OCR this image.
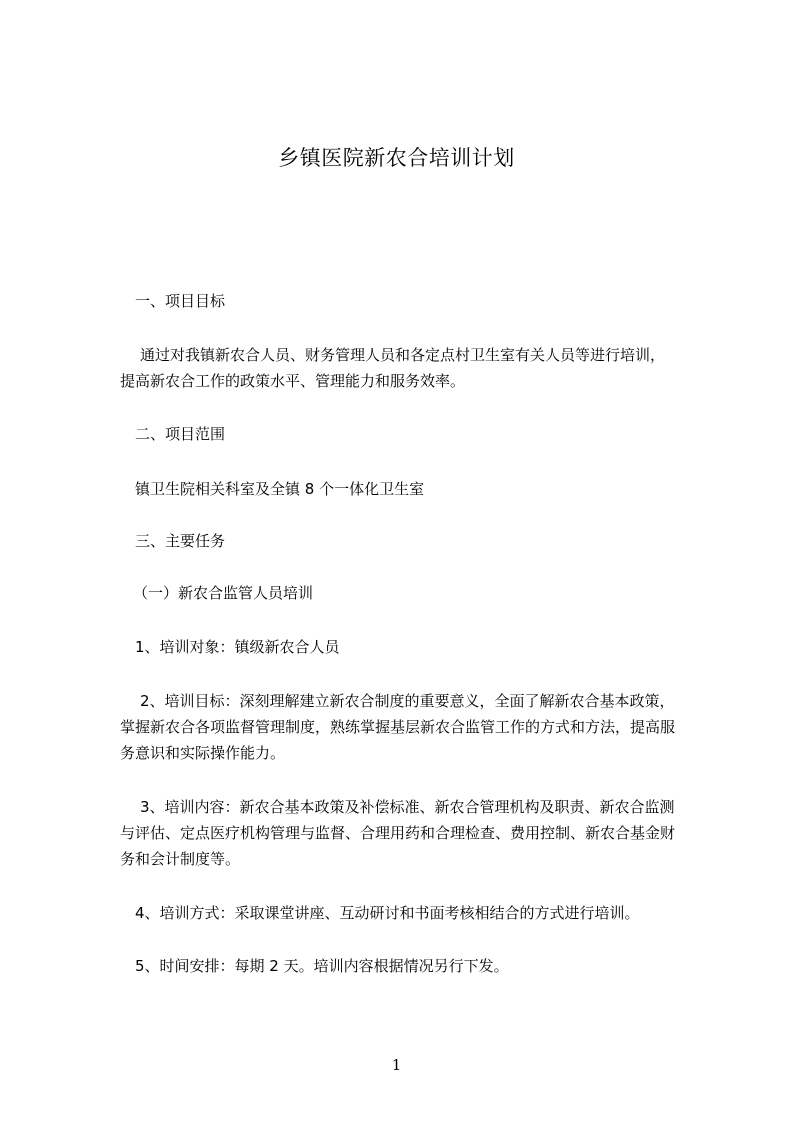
乡镇医院新农合培训计划
一、项目目标
通过对我镇新农合人员、财务管理人员和各定点村卫生室有关人员等进行培训，
提高新农合工作的政策水平、管理能力和服务效率。
二、项目范围
镇卫生院相关科室及全镇 8 个一体化卫生室
三、主要任务
（一）新农合监管人员培训
1、培训对象：镇级新农合人员
2、培训目标：深刻理解建立新农合制度的重要意义，全面了解新农合基本政策，
掌握新农合各项监督管理制度，熟练掌握基层新农合监管工作的方式和方法，提高服
务意识和实际操作能力。
3、培训内容：新农合基本政策及补偿标准、新农合管理机构及职责、新农合监测
与评估、定点医疗机构管理与监督、合理用药和合理检查、费用控制、新农合基金财
务和会计制度等。
4、培训方式：采取课堂讲座、互动研讨和书面考核相结合的方式进行培训。
5、时间安排：每期 2 天。培训内容根据情况另行下发。
1
